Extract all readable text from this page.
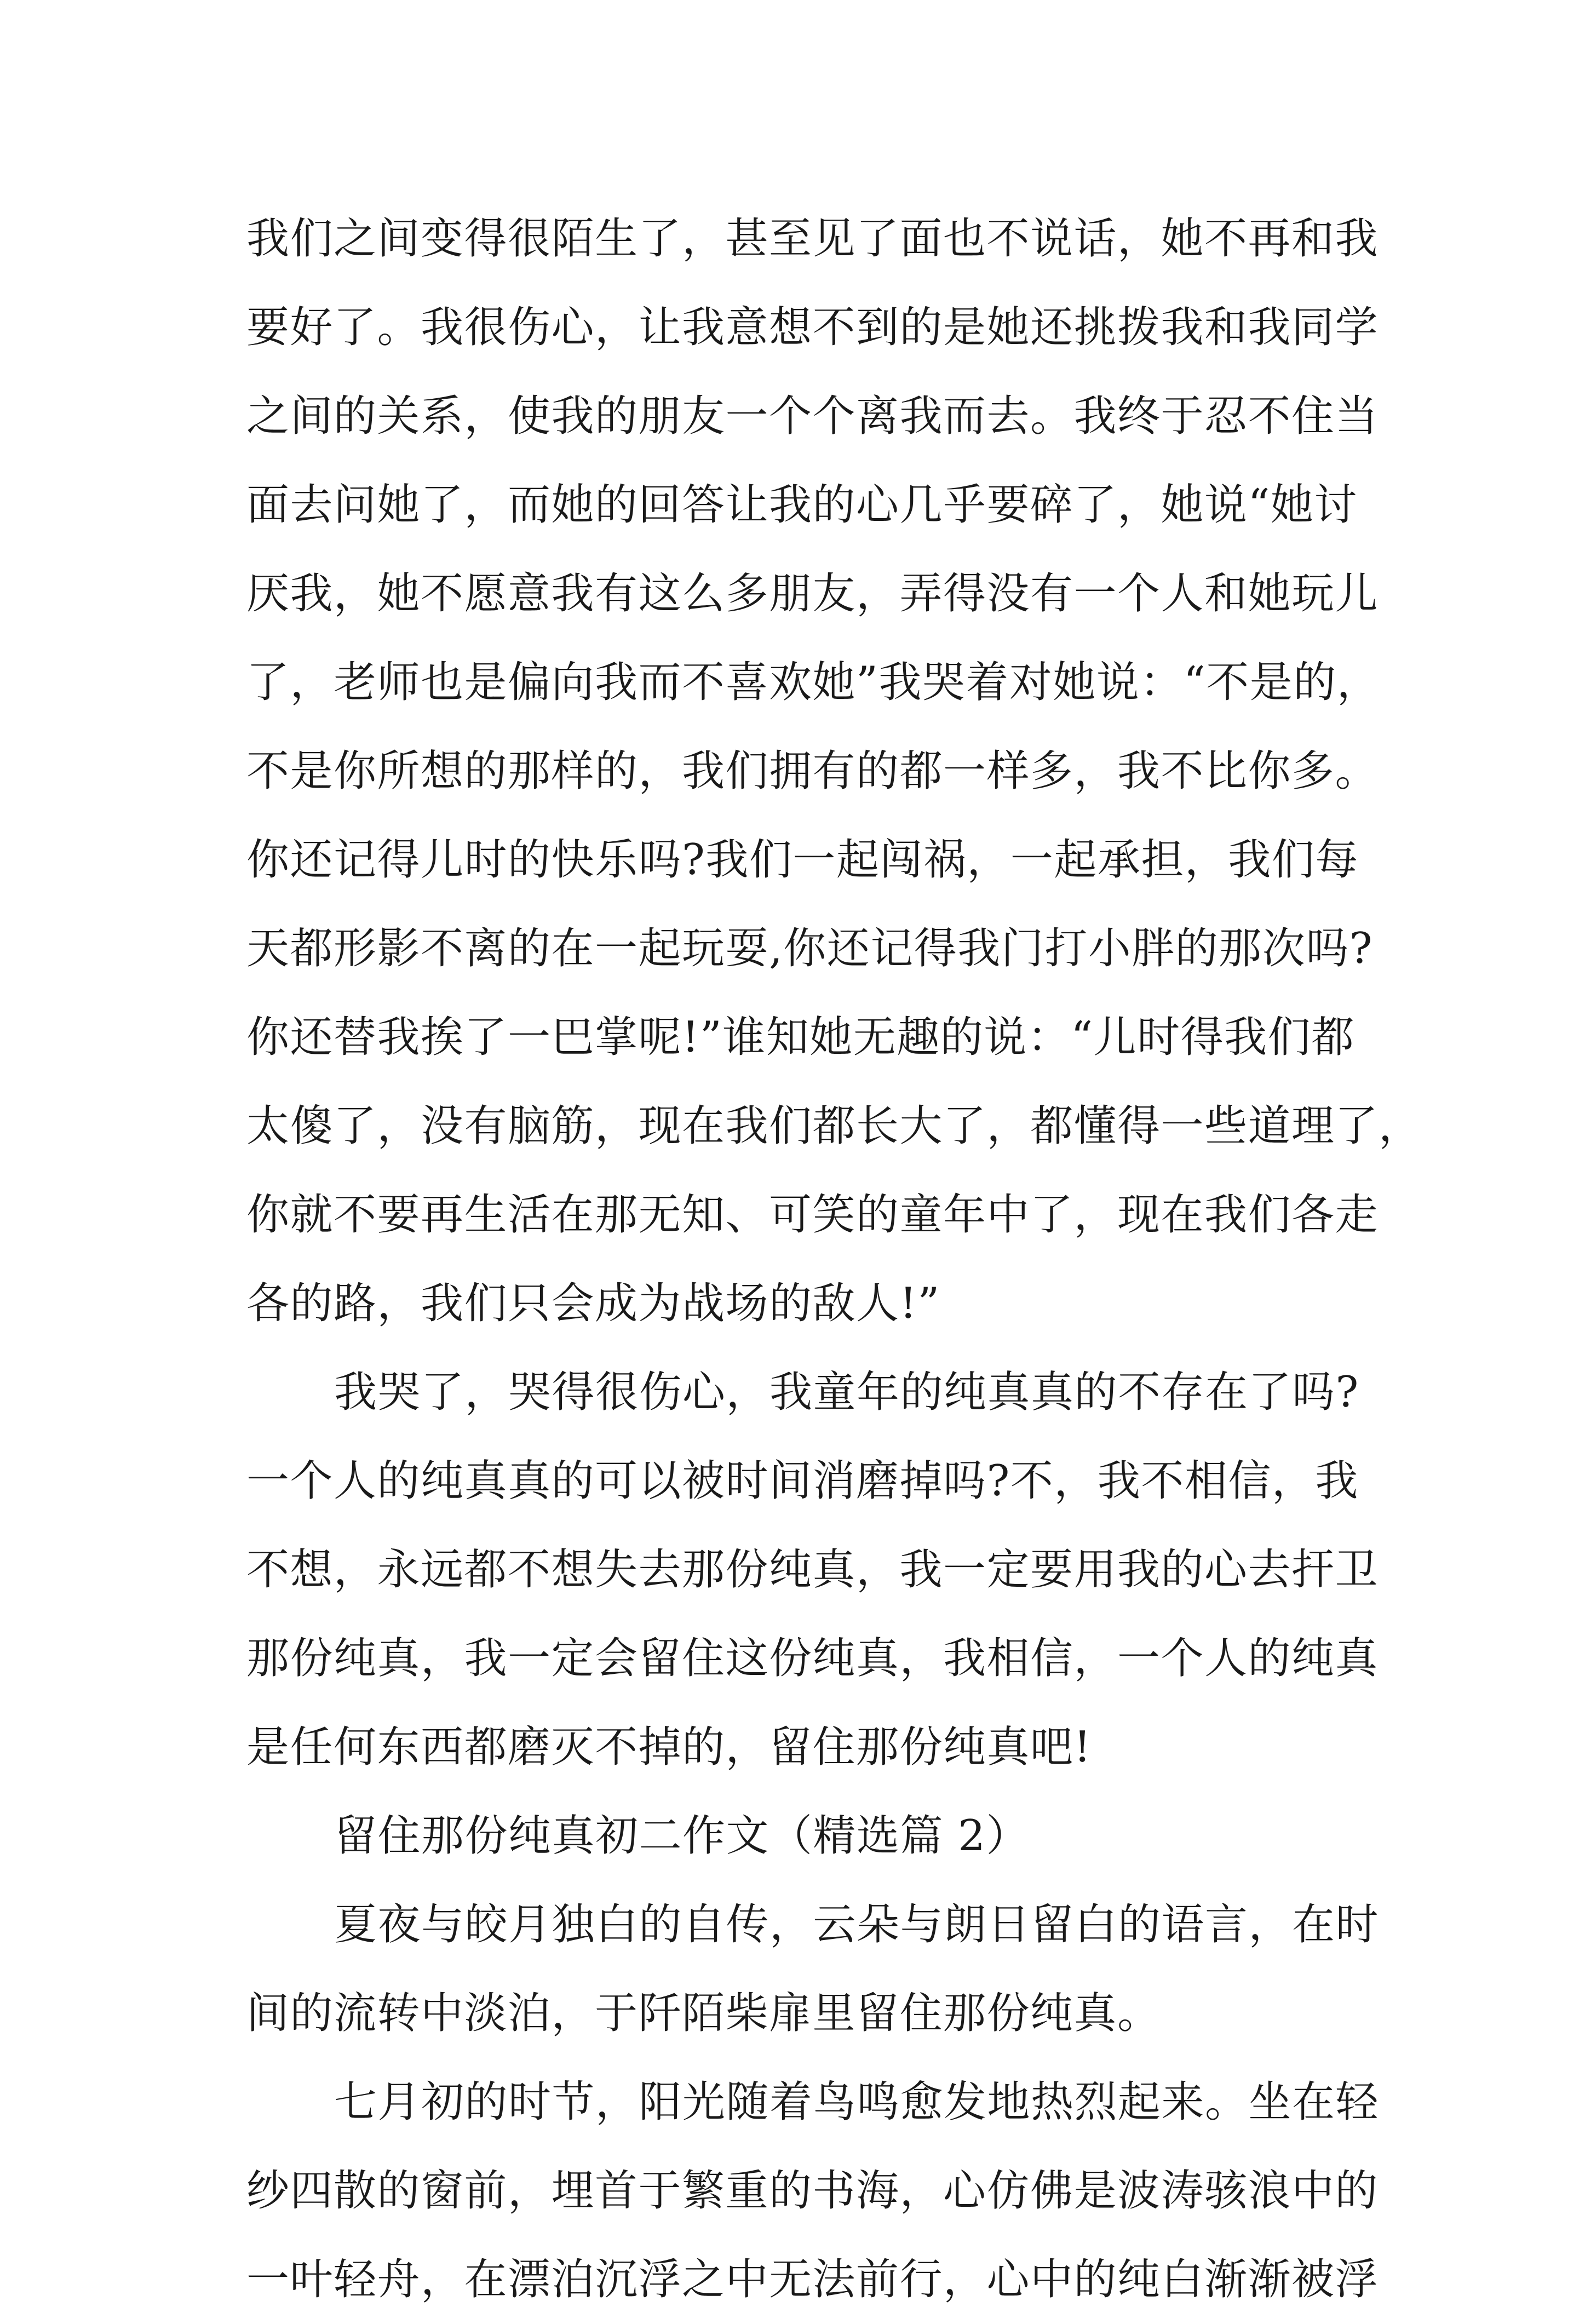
我们之间变得很陌生了，甚至见了面也不说话，她不再和我
要好了。我很伤心，让我意想不到的是她还挑拨我和我同学
之间的关系，使我的朋友一个个离我而去。我终于忍不住当
面去问她了，而她的回答让我的心几乎要碎了，她说“她讨
厌我，她不愿意我有这么多朋友，弄得没有一个人和她玩儿
了，老师也是偏向我而不喜欢她”我哭着对她说：“不是的，
不是你所想的那样的，我们拥有的都一样多，我不比你多。
你还记得儿时的快乐吗?我们一起闯祸，一起承担，我们每
天都形影不离的在一起玩耍,你还记得我门打小胖的那次吗?
你还替我挨了一巴掌呢!”谁知她无趣的说：“儿时得我们都
太傻了，没有脑筋，现在我们都长大了，都懂得一些道理了，
你就不要再生活在那无知、可笑的童年中了，现在我们各走
各的路，我们只会成为战场的敌人!”
我哭了，哭得很伤心，我童年的纯真真的不存在了吗?
一个人的纯真真的可以被时间消磨掉吗?不，我不相信，我
不想，永远都不想失去那份纯真，我一定要用我的心去扞卫
那份纯真，我一定会留住这份纯真，我相信，一个人的纯真
是任何东西都磨灭不掉的，留住那份纯真吧!
留住那份纯真初二作文（精选篇 2）
夏夜与皎月独白的自传，云朵与朗日留白的语言，在时
间的流转中淡泊，于阡陌柴扉里留住那份纯真。
七月初的时节，阳光随着鸟鸣愈发地热烈起来。坐在轻
纱四散的窗前，埋首于繁重的书海，心仿佛是波涛骇浪中的
一叶轻舟，在漂泊沉浮之中无法前行，心中的纯白渐渐被浮
